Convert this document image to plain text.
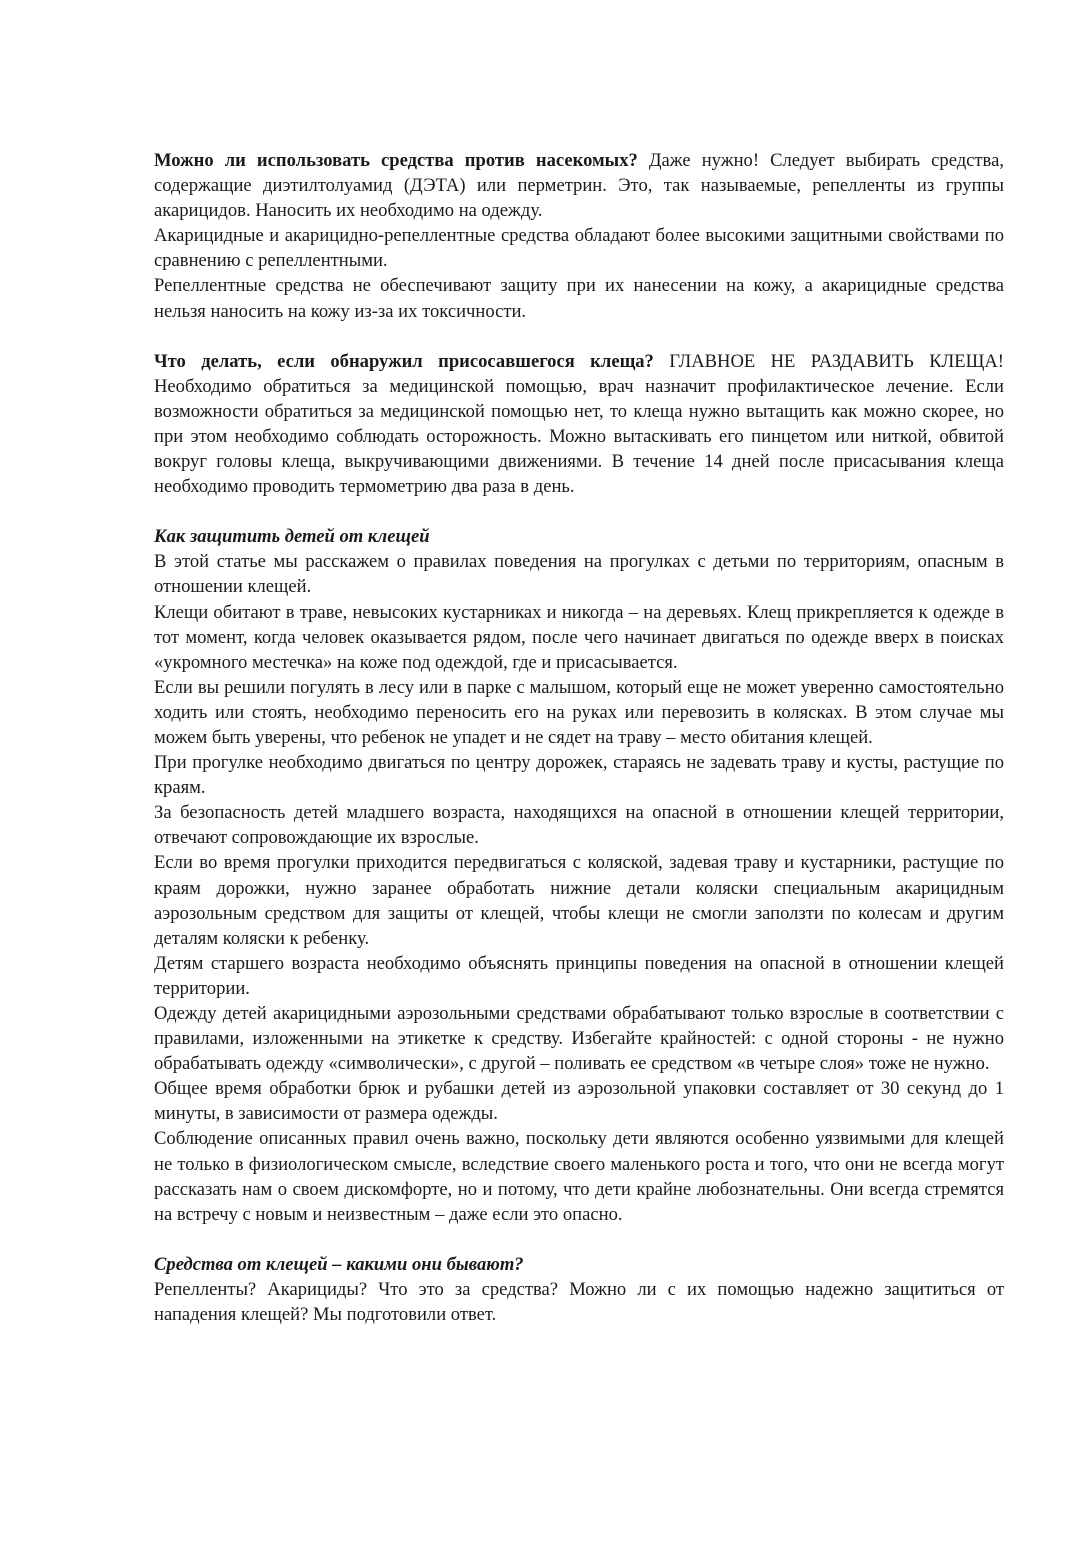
Можно ли использовать средства против насекомых? Даже нужно! Следует выбирать средства, содержащие диэтилтолуамид (ДЭТА) или перметрин. Это, так называемые, репелленты из группы акарицидов. Наносить их необходимо на одежду.

Акарицидные и акарицидно-репеллентные средства обладают более высокими защитными свойствами по сравнению с репеллентными.

Репеллентные средства не обеспечивают защиту при их нанесении на кожу, а акарицидные средства нельзя наносить на кожу из-за их токсичности.

Что делать, если обнаружил присосавшегося клеща? ГЛАВНОЕ НЕ РАЗДАВИТЬ КЛЕЩА! Необходимо обратиться за медицинской помощью, врач назначит профилактическое лечение. Если возможности обратиться за медицинской помощью нет, то клеща нужно вытащить как можно скорее, но при этом необходимо соблюдать осторожность. Можно вытаскивать его пинцетом или ниткой, обвитой вокруг головы клеща, выкручивающими движениями. В течение 14 дней после присасывания клеща необходимо проводить термометрию два раза в день.

Как защитить детей от клещей

В этой статье мы расскажем о правилах поведения на прогулках с детьми по территориям, опасным в отношении клещей.

Клещи обитают в траве, невысоких кустарниках и никогда – на деревьях. Клещ прикрепляется к одежде в тот момент, когда человек оказывается рядом, после чего начинает двигаться по одежде вверх в поисках «укромного местечка» на коже под одеждой, где и присасывается.

Если вы решили погулять в лесу или в парке с малышом, который еще не может уверенно самостоятельно ходить или стоять, необходимо переносить его на руках или перевозить в колясках. В этом случае мы можем быть уверены, что ребенок не упадет и не сядет на траву – место обитания клещей.

При прогулке необходимо двигаться по центру дорожек, стараясь не задевать траву и кусты, растущие по краям.

За безопасность детей младшего возраста, находящихся на опасной в отношении клещей территории, отвечают сопровождающие их взрослые.

Если во время прогулки приходится передвигаться с коляской, задевая траву и кустарники, растущие по краям дорожки, нужно заранее обработать нижние детали коляски специальным акарицидным аэрозольным средством для защиты от клещей, чтобы клещи не смогли заползти по колесам и другим деталям коляски к ребенку.

Детям старшего возраста необходимо объяснять принципы поведения на опасной в отношении клещей территории.

Одежду детей акарицидными аэрозольными средствами обрабатывают только взрослые в соответствии с правилами, изложенными на этикетке к средству. Избегайте крайностей: с одной стороны - не нужно обрабатывать одежду «символически», с другой – поливать ее средством «в четыре слоя» тоже не нужно.

Общее время обработки брюк и рубашки детей из аэрозольной упаковки составляет от 30 секунд до 1 минуты, в зависимости от размера одежды.

Соблюдение описанных правил очень важно, поскольку дети являются особенно уязвимыми для клещей не только в физиологическом смысле, вследствие своего маленького роста и того, что они не всегда могут рассказать нам о своем дискомфорте, но и потому, что дети крайне любознательны. Они всегда стремятся на встречу с новым и неизвестным – даже если это опасно.

Средства от клещей – какими они бывают?

Репелленты? Акарициды? Что это за средства? Можно ли с их помощью надежно защититься от нападения клещей? Мы подготовили ответ.
